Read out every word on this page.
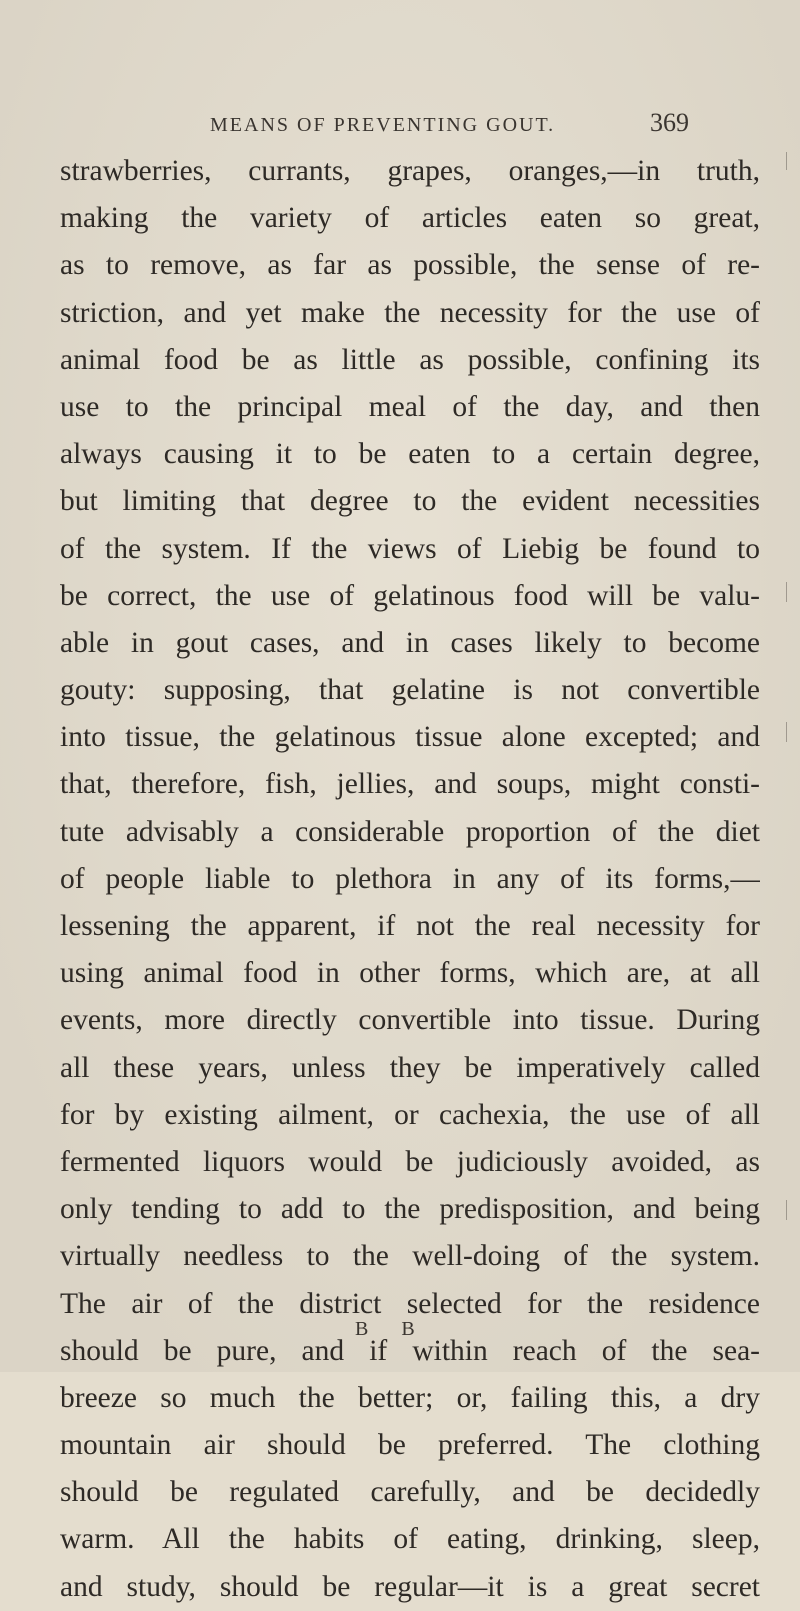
MEANS OF PREVENTING GOUT.	369
strawberries, currants, grapes, oranges,—in truth,
making the variety of articles eaten so great,
as to remove, as far as possible, the sense of re-
striction, and yet make the necessity for the use of
animal food be as little as possible, confining its
use to the principal meal of the day, and then
always causing it to be eaten to a certain degree,
but limiting that degree to the evident necessities
of the system. If the views of Liebig be found to
be correct, the use of gelatinous food will be valu-
able in gout cases, and in cases likely to become
gouty: supposing, that gelatine is not convertible
into tissue, the gelatinous tissue alone excepted; and
that, therefore, fish, jellies, and soups, might consti-
tute advisably a considerable proportion of the diet
of people liable to plethora in any of its forms,—
lessening the apparent, if not the real necessity for
using animal food in other forms, which are, at all
events, more directly convertible into tissue. During
all these years, unless they be imperatively called
for by existing ailment, or cachexia, the use of all
fermented liquors would be judiciously avoided, as
only tending to add to the predisposition, and being
virtually needless to the well-doing of the system.
The air of the district selected for the residence
should be pure, and if within reach of the sea-
breeze so much the better; or, failing this, a dry
mountain air should be preferred. The clothing
should be regulated carefully, and be decidedly
warm. All the habits of eating, drinking, sleep,
and study, should be regular—it is a great secret
B B
